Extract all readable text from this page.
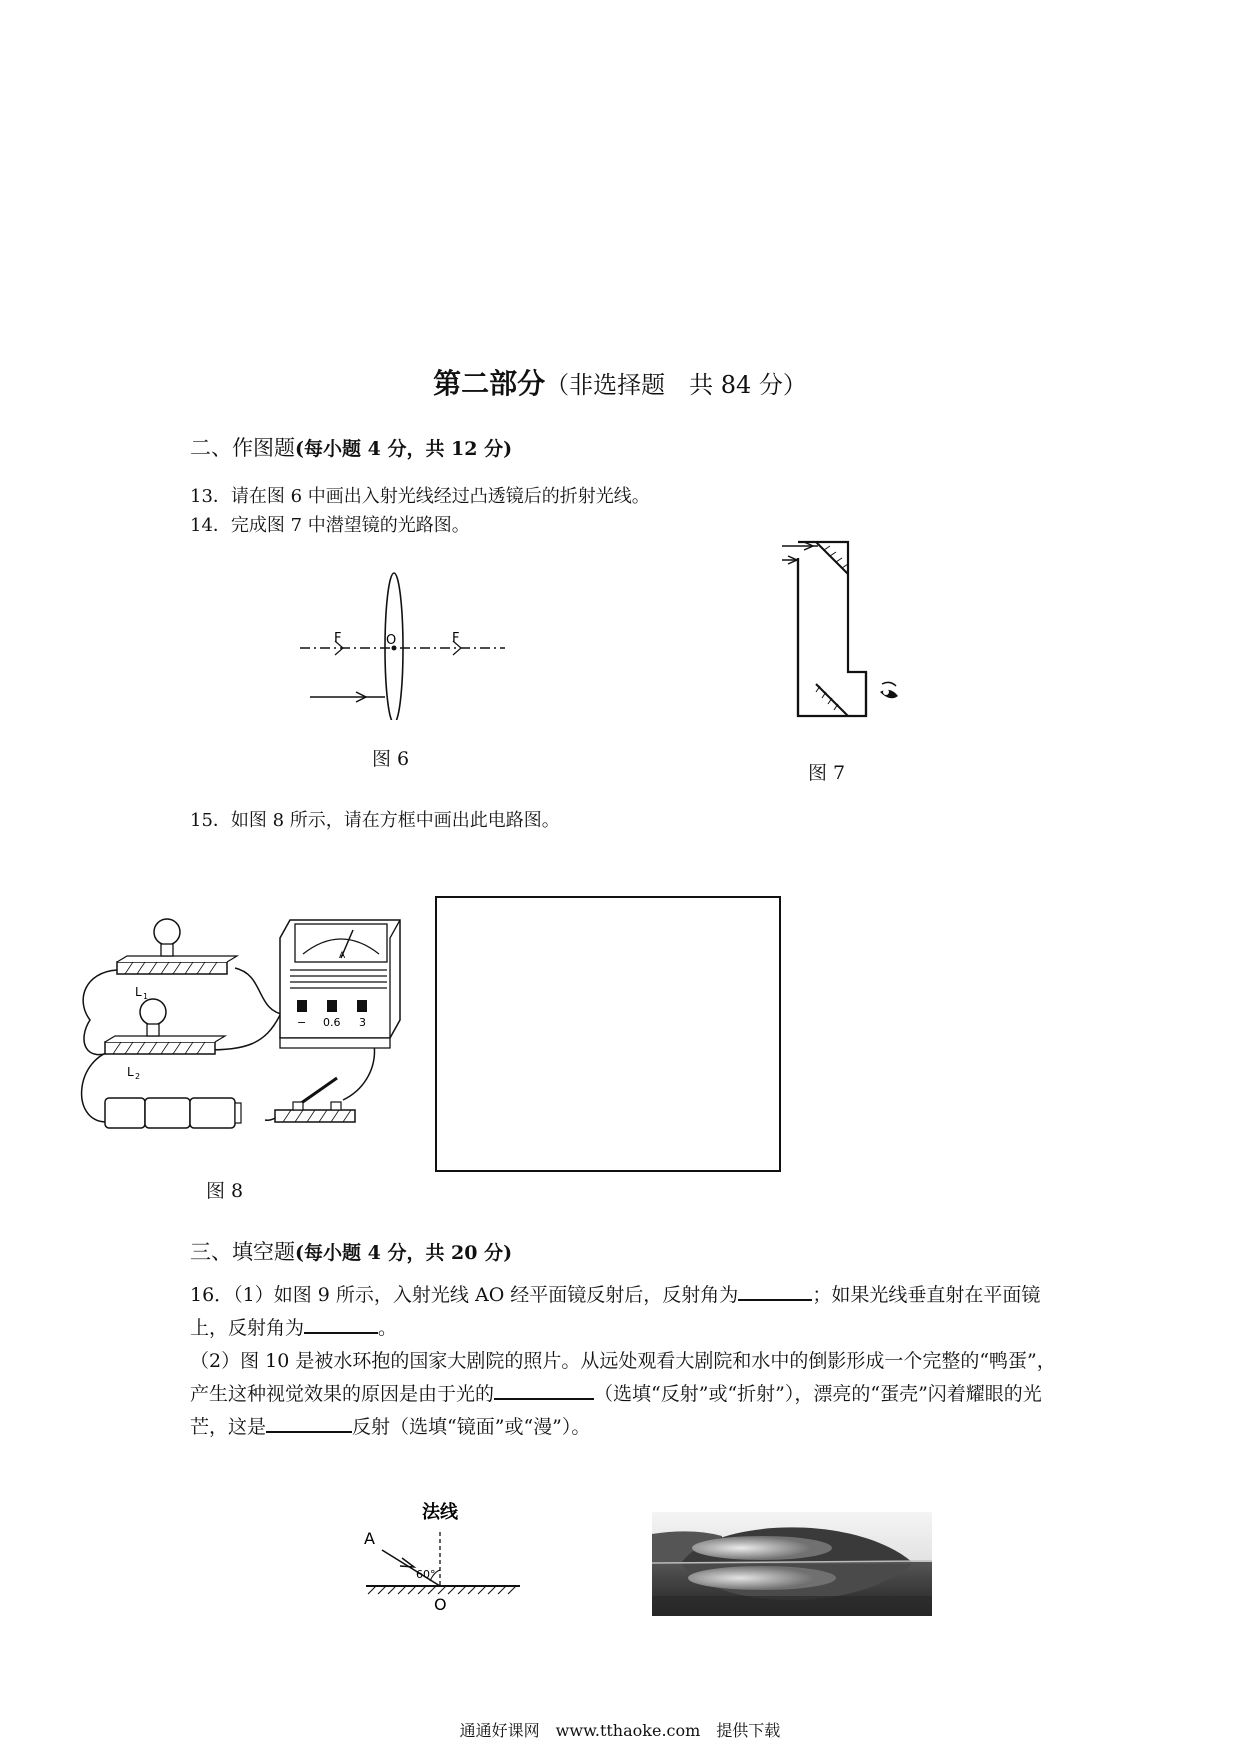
第二部分（非选择题　共 84 分）
二、作图题(每小题 4 分，共 12 分)
13．请在图 6 中画出入射光线经过凸透镜后的折射光线。
14．完成图 7 中潜望镜的光路图。
F	O	F
图 6
图 7
15．如图 8 所示，请在方框中画出此电路图。
L 1
L 2
A
− 0.6 3
图 8
三、填空题(每小题 4 分，共 20 分)
16．（1）如图 9 所示，入射光线 AO 经平面镜反射后，反射角为	；如果光线垂直射在平面镜上，反射角为	。
（2）图 10 是被水环抱的国家大剧院的照片。从远处观看大剧院和水中的倒影形成一个完整的“鸭蛋”，产生这种视觉效果的原因是由于光的	（选填“反射”或“折射”），漂亮的“蛋壳”闪着耀眼的光芒，这是	反射（选填“镜面”或“漫”）。
法线
A
60°
O
通通好课网　www.tthaoke.com　提供下载
